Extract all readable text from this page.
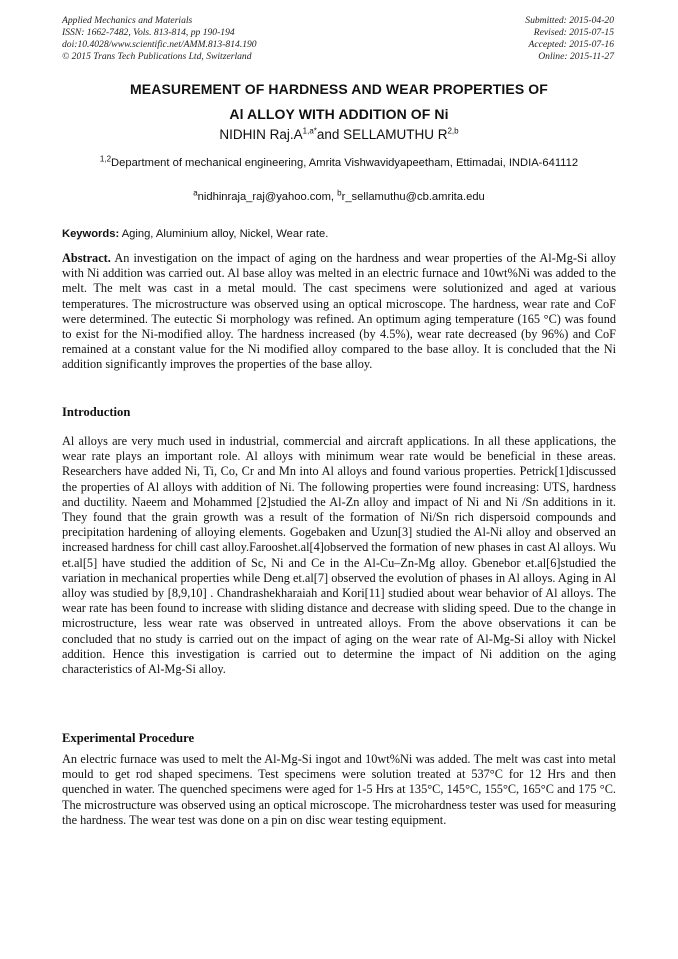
Applied Mechanics and Materials
ISSN: 1662-7482, Vols. 813-814, pp 190-194
doi:10.4028/www.scientific.net/AMM.813-814.190
© 2015 Trans Tech Publications Ltd, Switzerland
Submitted: 2015-04-20
Revised: 2015-07-15
Accepted: 2015-07-16
Online: 2015-11-27
MEASUREMENT OF HARDNESS AND WEAR PROPERTIES OF
Al ALLOY WITH ADDITION OF Ni
NIDHIN $Raj.A^{1,a*}and$ SELLAMUTHU R$^{2,b}$
$^{1,2}$Department of mechanical engineering, Amrita Vishwavidyapeetham, Ettimadai, INDIA-641112
$^a$nidhinraja_raj@yahoo.com, $^b$r_sellamuthu@cb.amrita.edu
Keywords: Aging, Aluminium alloy, Nickel, Wear rate.
Abstract. An investigation on the impact of aging on the hardness and wear properties of the Al-Mg-Si alloy with Ni addition was carried out. Al base alloy was melted in an electric furnace and 10wt%Ni was added to the melt. The melt was cast in a metal mould. The cast specimens were solutionized and aged at various temperatures. The microstructure was observed using an optical microscope. The hardness, wear rate and CoF were determined. The eutectic Si morphology was refined. An optimum aging temperature (165 °C) was found to exist for the Ni-modified alloy. The hardness increased (by 4.5%), wear rate decreased (by 96%) and CoF remained at a constant value for the Ni modified alloy compared to the base alloy. It is concluded that the Ni addition significantly improves the properties of the base alloy.
Introduction
Al alloys are very much used in industrial, commercial and aircraft applications. In all these applications, the wear rate plays an important role. Al alloys with minimum wear rate would be beneficial in these areas. Researchers have added Ni, Ti, Co, Cr and Mn into Al alloys and found various properties. Petrick[1]discussed the properties of Al alloys with addition of Ni. The following properties were found increasing: UTS, hardness and ductility. Naeem and Mohammed [2]studied the Al-Zn alloy and impact of Ni and Ni /Sn additions in it. They found that the grain growth was a result of the formation of Ni/Sn rich dispersoid compounds and precipitation hardening of alloying elements. Gogebaken and Uzun[3] studied the Al-Ni alloy and observed an increased hardness for chill cast alloy.Farooshet.al[4]observed the formation of new phases in cast Al alloys. Wu et.al[5] have studied the addition of Sc, Ni and Ce in the Al-Cu–Zn-Mg alloy. Gbenebor et.al[6]studied the variation in mechanical properties while Deng et.al[7] observed the evolution of phases in Al alloys. Aging in Al alloy was studied by [8,9,10] . Chandrashekharaiah and Kori[11] studied about wear behavior of Al alloys. The wear rate has been found to increase with sliding distance and decrease with sliding speed. Due to the change in microstructure, less wear rate was observed in untreated alloys. From the above observations it can be concluded that no study is carried out on the impact of aging on the wear rate of Al-Mg-Si alloy with Nickel addition. Hence this investigation is carried out to determine the impact of Ni addition on the aging characteristics of Al-Mg-Si alloy.
Experimental Procedure
An electric furnace was used to melt the Al-Mg-Si ingot and 10wt%Ni was added. The melt was cast into metal mould to get rod shaped specimens. Test specimens were solution treated at 537°C for 12 Hrs and then quenched in water. The quenched specimens were aged for 1-5 Hrs at 135°C, 145°C, 155°C, 165°C and 175 °C. The microstructure was observed using an optical microscope. The microhardness tester was used for measuring the hardness. The wear test was done on a pin on disc wear testing equipment.
